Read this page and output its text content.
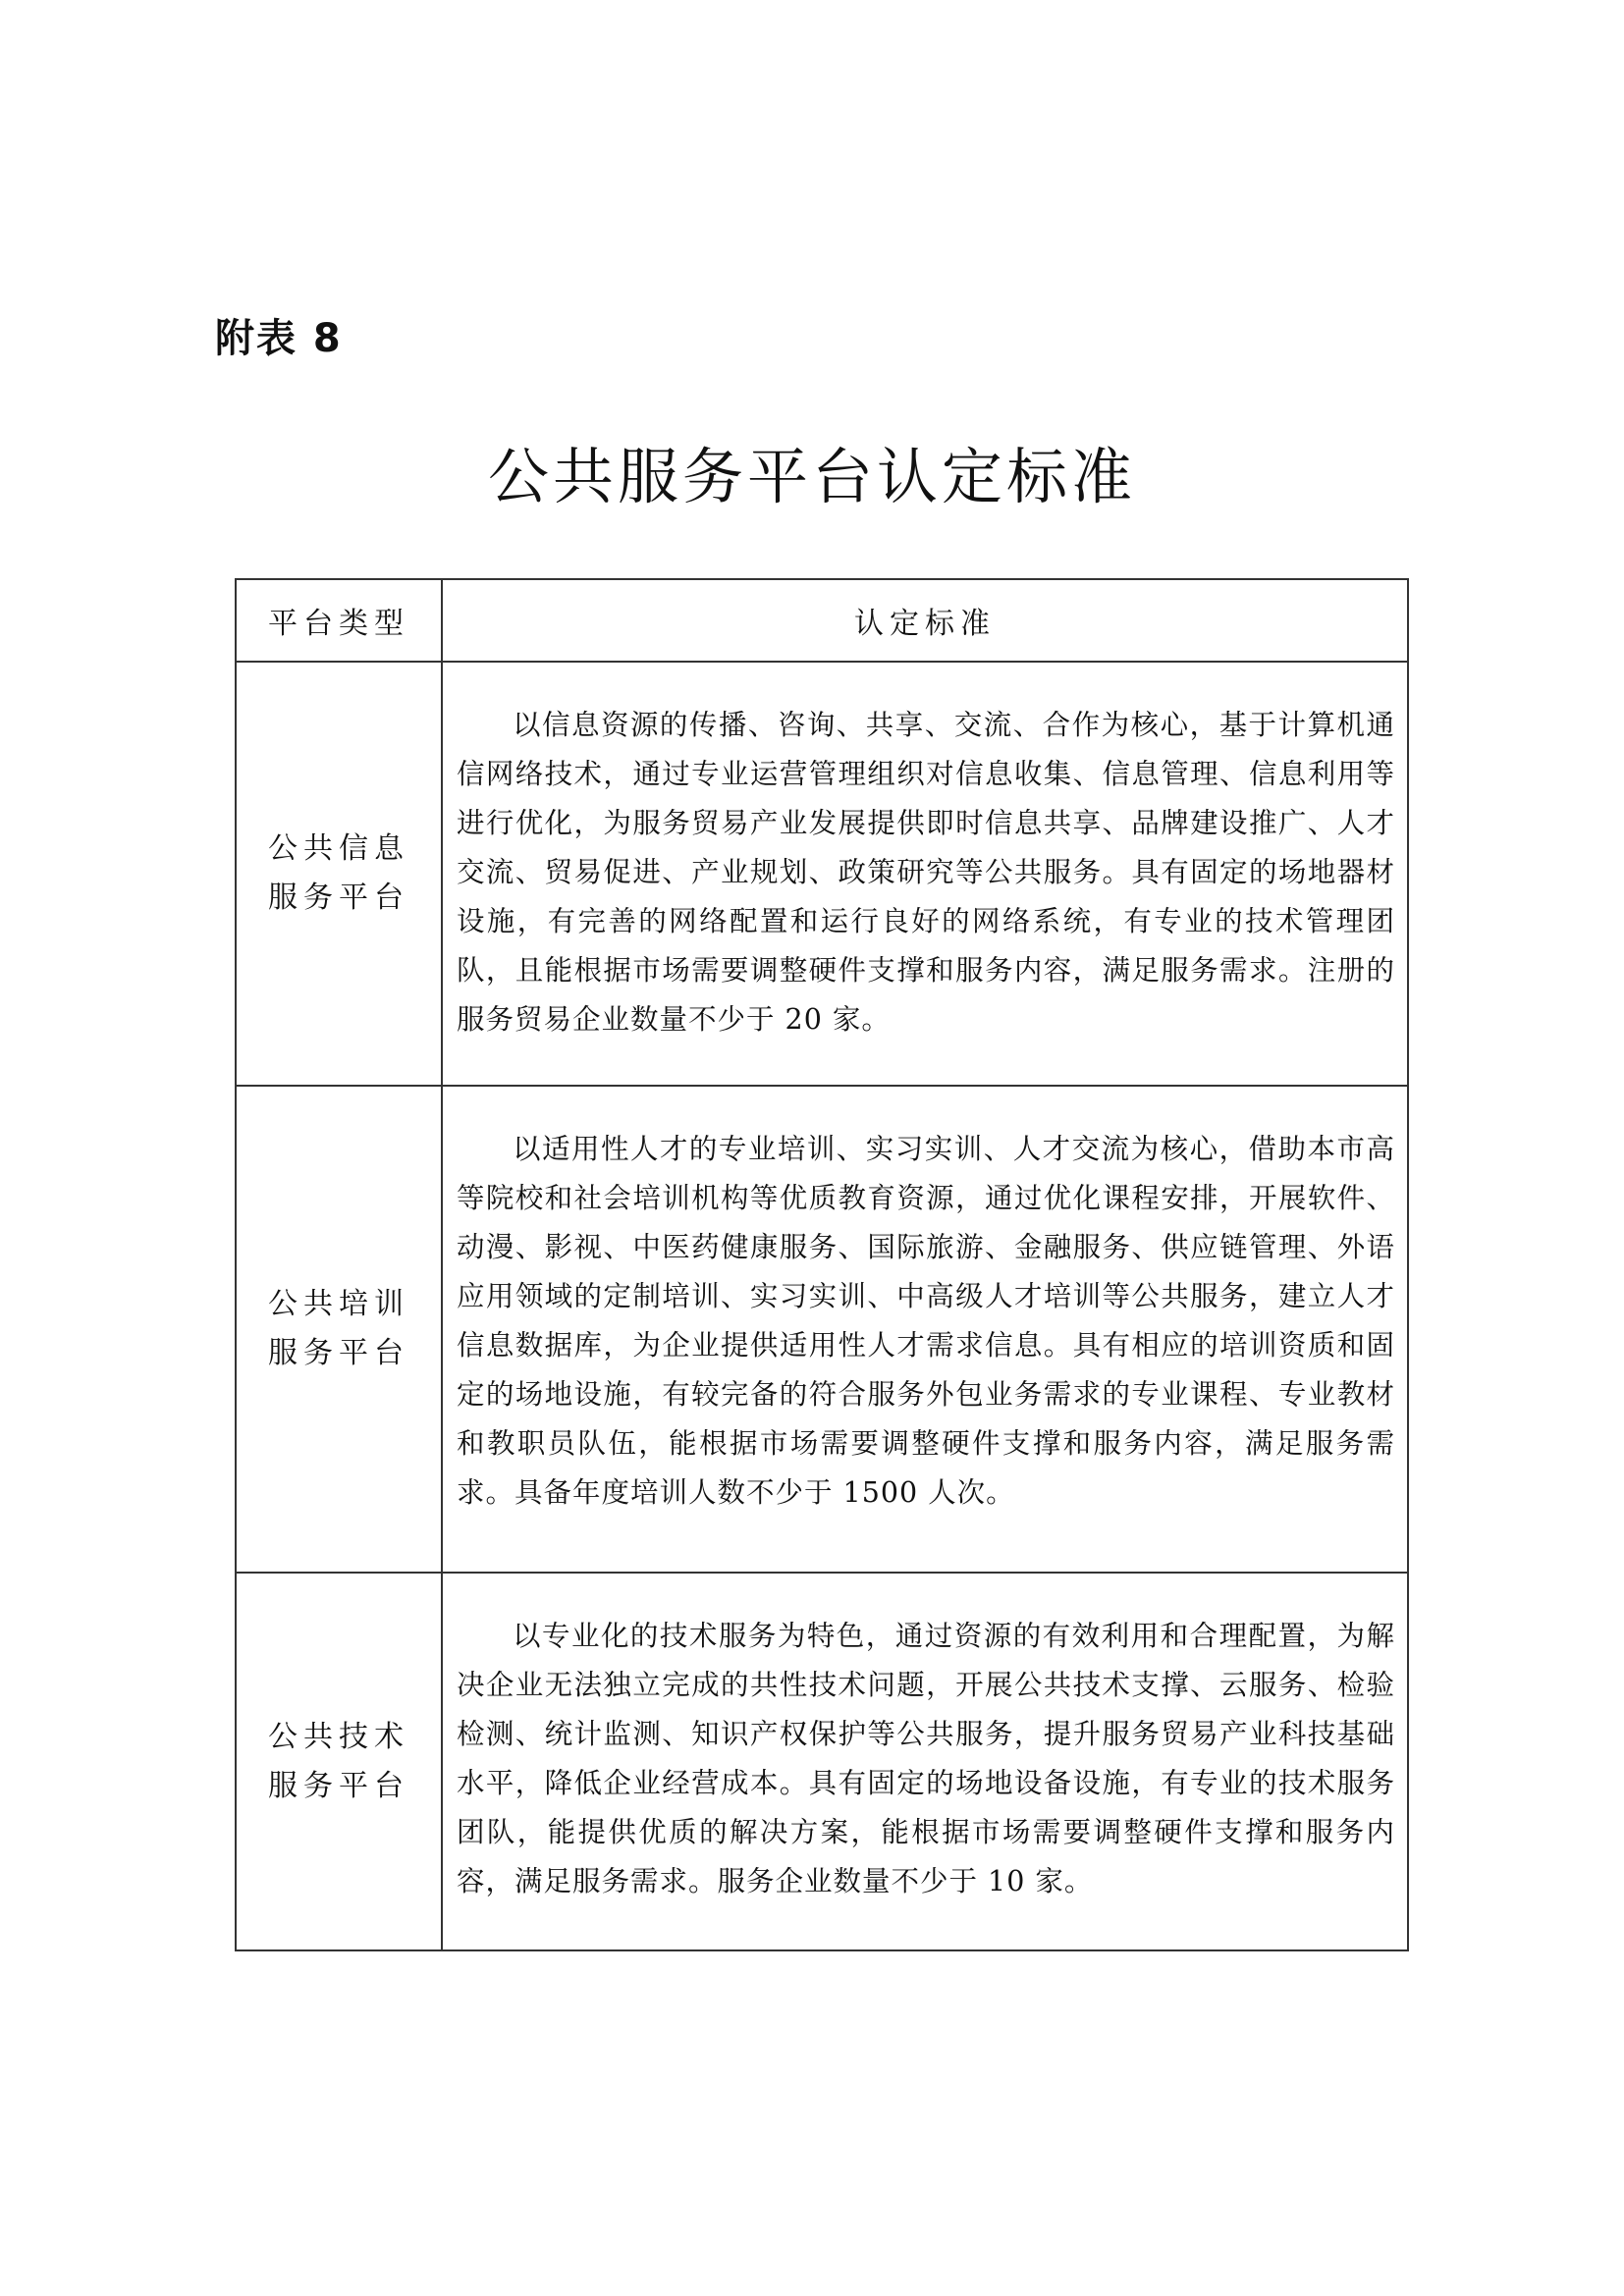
附表 8
公共服务平台认定标准
平台类型	认定标准

公共信息
服务平台	以信息资源的传播、咨询、共享、交流、合作为核心，基于计算机通信网络技术，通过专业运营管理组织对信息收集、信息管理、信息利用等进行优化，为服务贸易产业发展提供即时信息共享、品牌建设推广、人才交流、贸易促进、产业规划、政策研究等公共服务。具有固定的场地器材设施，有完善的网络配置和运行良好的网络系统，有专业的技术管理团队，且能根据市场需要调整硬件支撑和服务内容，满足服务需求。注册的服务贸易企业数量不少于 20 家。

公共培训
服务平台	以适用性人才的专业培训、实习实训、人才交流为核心，借助本市高等院校和社会培训机构等优质教育资源，通过优化课程安排，开展软件、动漫、影视、中医药健康服务、国际旅游、金融服务、供应链管理、外语应用领域的定制培训、实习实训、中高级人才培训等公共服务，建立人才信息数据库，为企业提供适用性人才需求信息。具有相应的培训资质和固定的场地设施，有较完备的符合服务外包业务需求的专业课程、专业教材和教职员队伍，能根据市场需要调整硬件支撑和服务内容，满足服务需求。具备年度培训人数不少于 1500 人次。

公共技术
服务平台	以专业化的技术服务为特色，通过资源的有效利用和合理配置，为解决企业无法独立完成的共性技术问题，开展公共技术支撑、云服务、检验检测、统计监测、知识产权保护等公共服务，提升服务贸易产业科技基础水平，降低企业经营成本。具有固定的场地设备设施，有专业的技术服务团队，能提供优质的解决方案，能根据市场需要调整硬件支撑和服务内容，满足服务需求。服务企业数量不少于 10 家。
